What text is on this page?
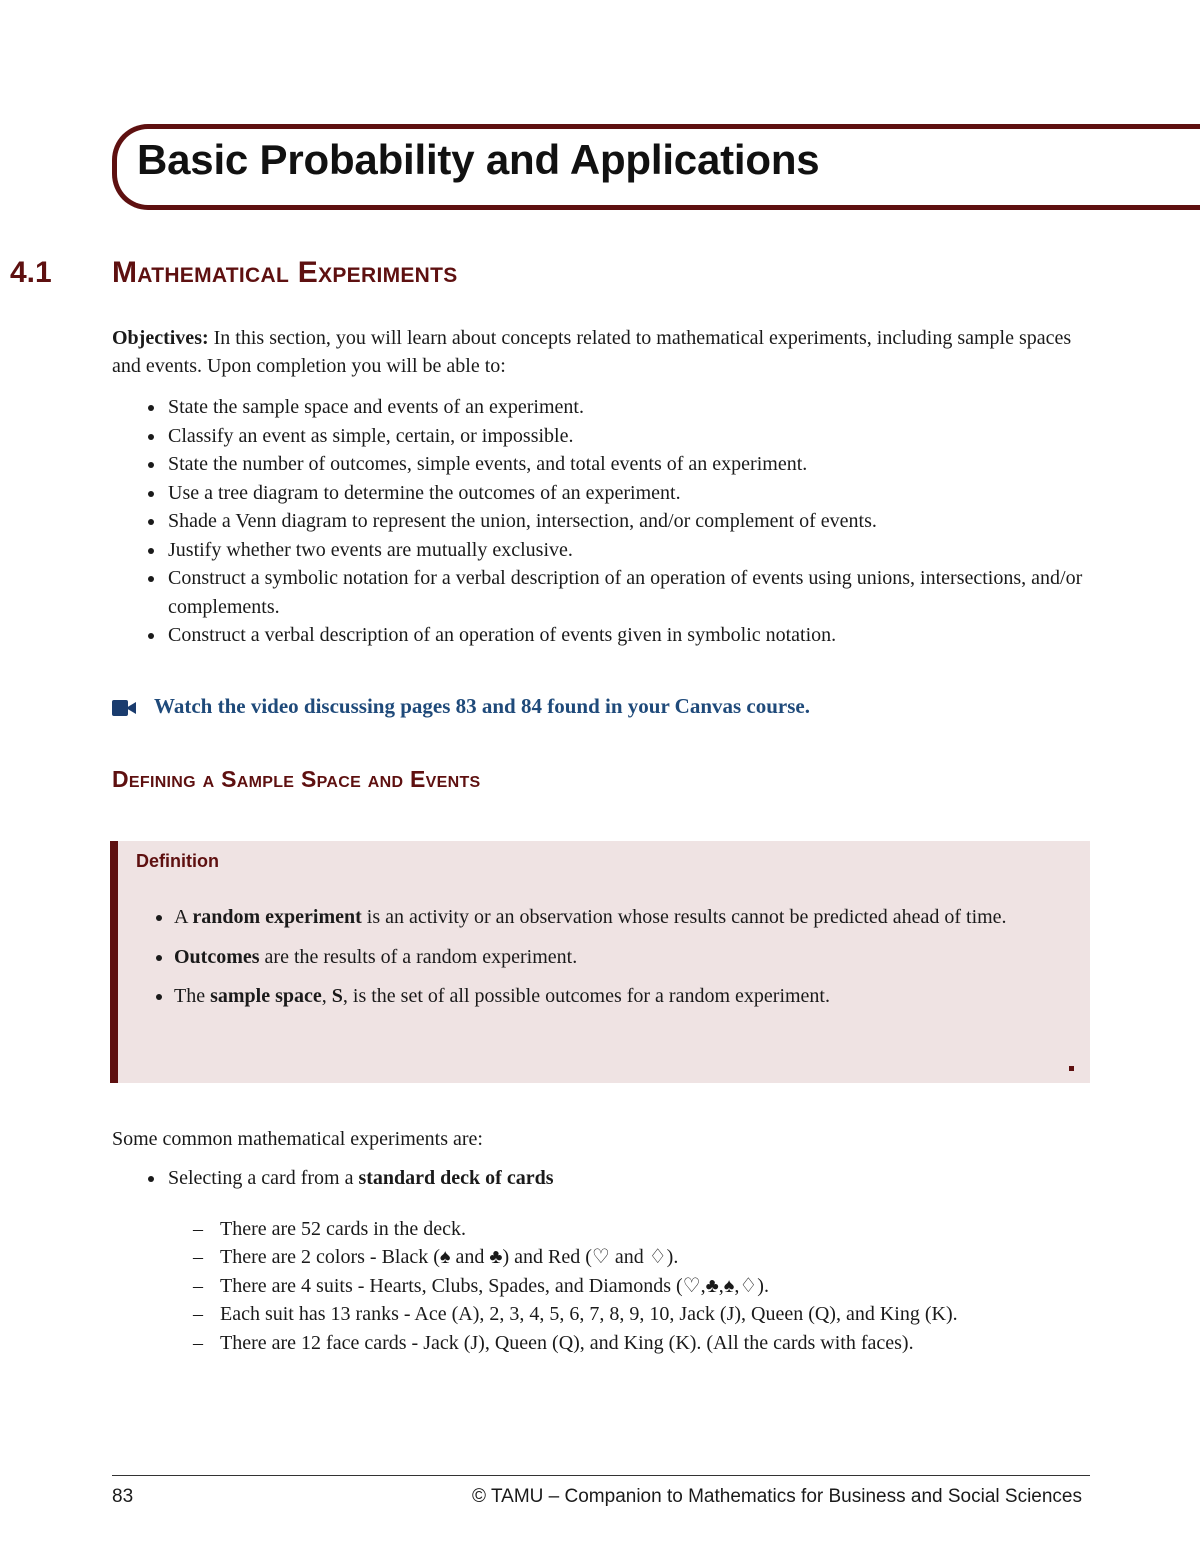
Basic Probability and Applications
4.1 Mathematical Experiments

Objectives: In this section, you will learn about concepts related to mathematical experiments, including sample spaces and events. Upon completion you will be able to:

State the sample space and events of an experiment.
Classify an event as simple, certain, or impossible.
State the number of outcomes, simple events, and total events of an experiment.
Use a tree diagram to determine the outcomes of an experiment.
Shade a Venn diagram to represent the union, intersection, and/or complement of events.
Justify whether two events are mutually exclusive.
Construct a symbolic notation for a verbal description of an operation of events using unions, intersections, and/or complements.
Construct a verbal description of an operation of events given in symbolic notation.
Watch the video discussing pages 83 and 84 found in your Canvas course.
Defining a Sample Space and Events
Definition
A random experiment is an activity or an observation whose results cannot be predicted ahead of time.
Outcomes are the results of a random experiment.
The sample space, S, is the set of all possible outcomes for a random experiment.

Some common mathematical experiments are:

Selecting a card from a standard deck of cards
– There are 52 cards in the deck.
– There are 2 colors - Black (♠ and ♣) and Red (♡ and ♢).
– There are 4 suits - Hearts, Clubs, Spades, and Diamonds (♡,♣,♠,♢).
– Each suit has 13 ranks - Ace (A), 2, 3, 4, 5, 6, 7, 8, 9, 10, Jack (J), Queen (Q), and King (K).
– There are 12 face cards - Jack (J), Queen (Q), and King (K). (All the cards with faces).
83	© TAMU – Companion to Mathematics for Business and Social Sciences
